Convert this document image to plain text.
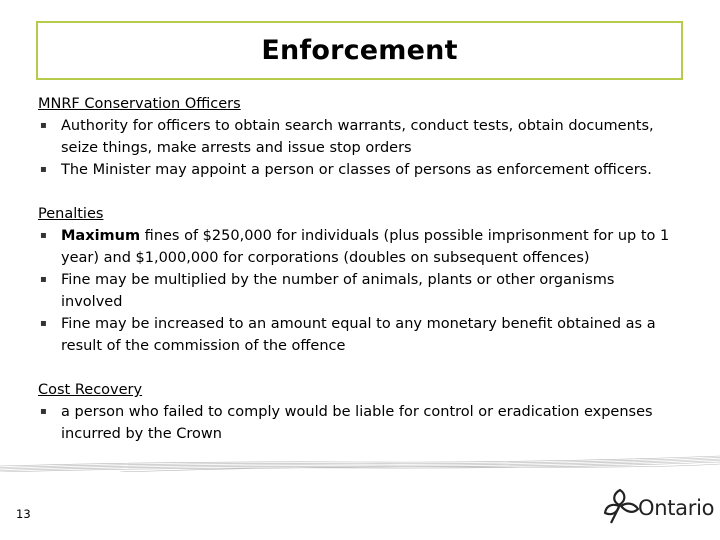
Enforcement
MNRF Conservation Officers
▪ Authority for officers to obtain search warrants, conduct tests, obtain documents, seize things, make arrests and issue stop orders
▪ The Minister may appoint a person or classes of persons as enforcement officers.
Penalties
▪ Maximum fines of $250,000 for individuals (plus possible imprisonment for up to 1 year) and $1,000,000 for corporations (doubles on subsequent offences)
▪ Fine may be multiplied by the number of animals, plants or other organisms involved
▪ Fine may be increased to an amount equal to any monetary benefit obtained as a result of the commission of the offence
Cost Recovery
▪ a person who failed to comply would be liable for control or eradication expenses incurred by the Crown
13	Ontario
